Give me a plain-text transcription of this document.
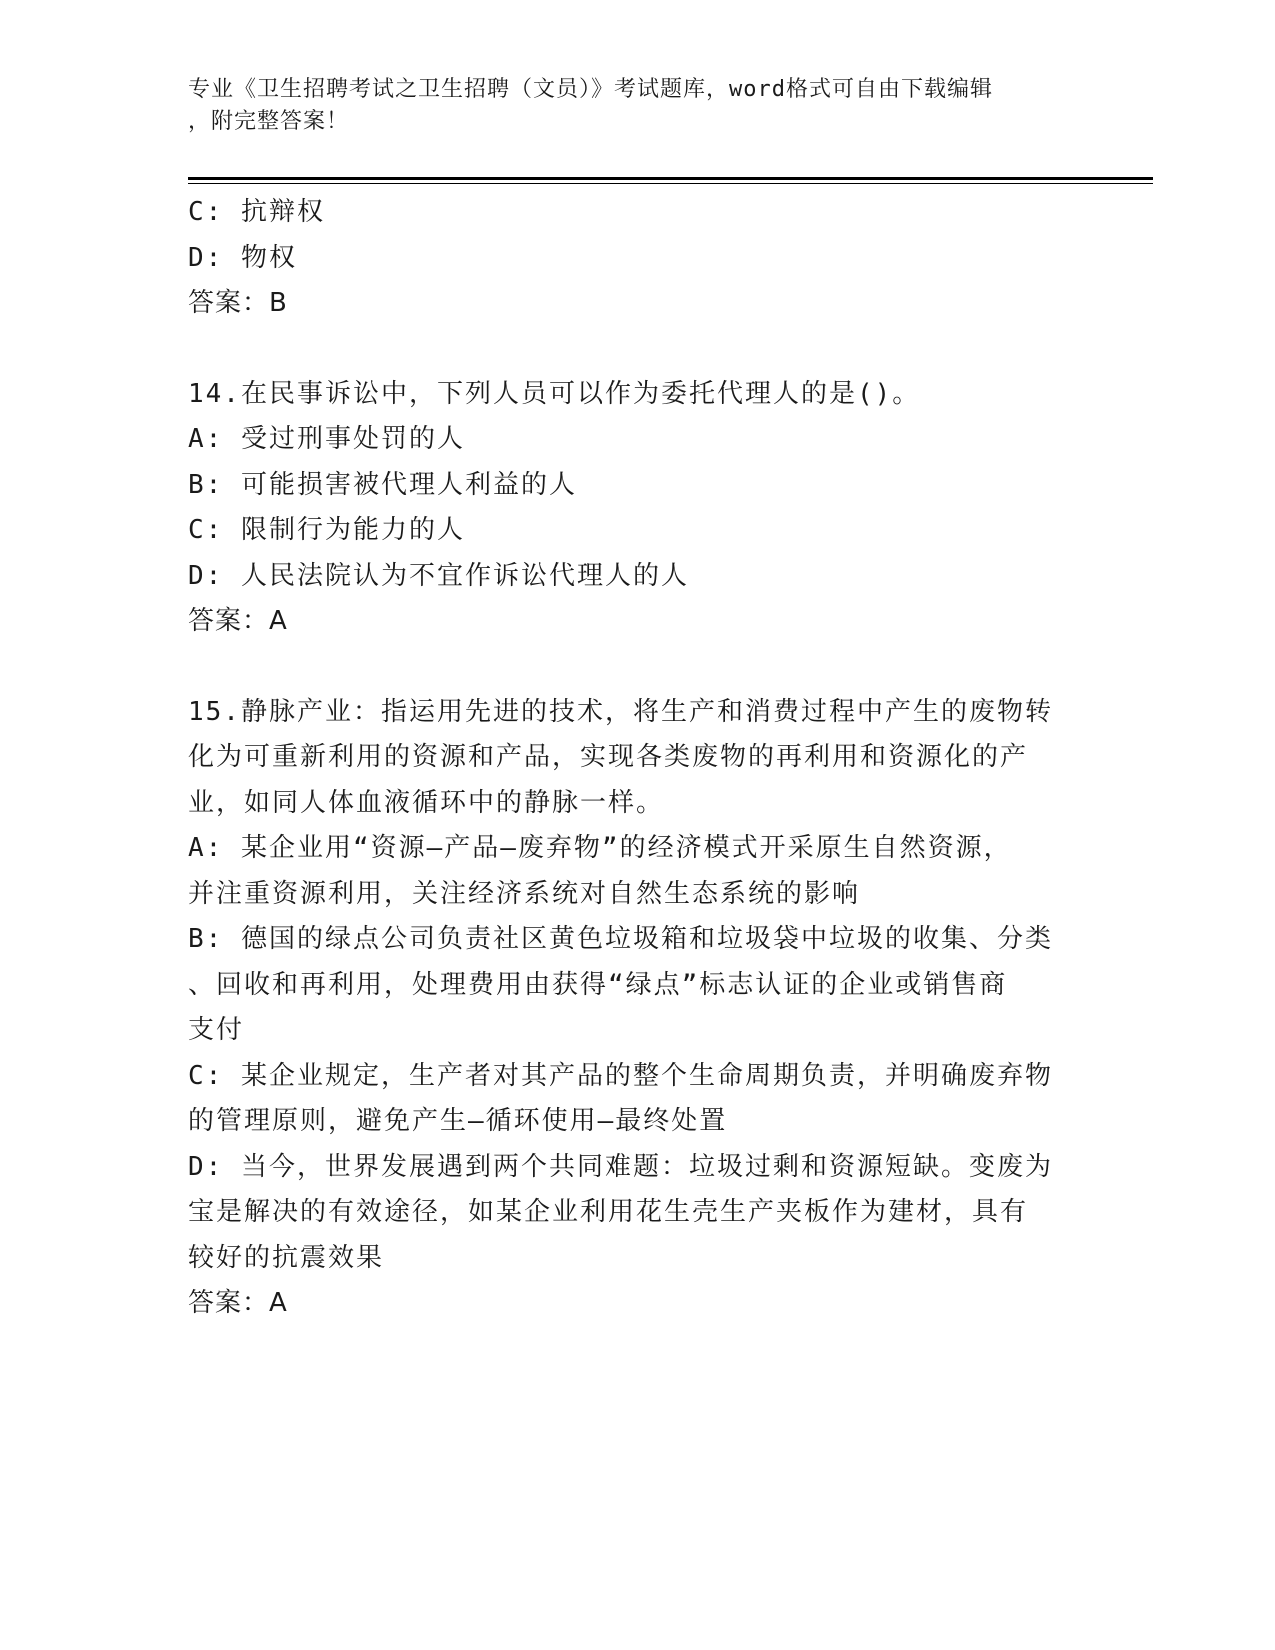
专业《卫生招聘考试之卫生招聘（文员）》考试题库，word格式可自由下载编辑
，附完整答案！

C: 抗辩权

D: 物权

答案：B

14.在民事诉讼中，下列人员可以作为委托代理人的是()。

A: 受过刑事处罚的人

B: 可能损害被代理人利益的人

C: 限制行为能力的人

D: 人民法院认为不宜作诉讼代理人的人

答案：A

15.静脉产业：指运用先进的技术，将生产和消费过程中产生的废物转

化为可重新利用的资源和产品，实现各类废物的再利用和资源化的产

业，如同人体血液循环中的静脉一样。

A: 某企业用“资源—产品—废弃物”的经济模式开采原生自然资源，

并注重资源利用，关注经济系统对自然生态系统的影响

B: 德国的绿点公司负责社区黄色垃圾箱和垃圾袋中垃圾的收集、分类

、回收和再利用，处理费用由获得“绿点”标志认证的企业或销售商

支付

C: 某企业规定，生产者对其产品的整个生命周期负责，并明确废弃物

的管理原则，避免产生—循环使用—最终处置

D: 当今，世界发展遇到两个共同难题：垃圾过剩和资源短缺。变废为

宝是解决的有效途径，如某企业利用花生壳生产夹板作为建材，具有

较好的抗震效果

答案：A
